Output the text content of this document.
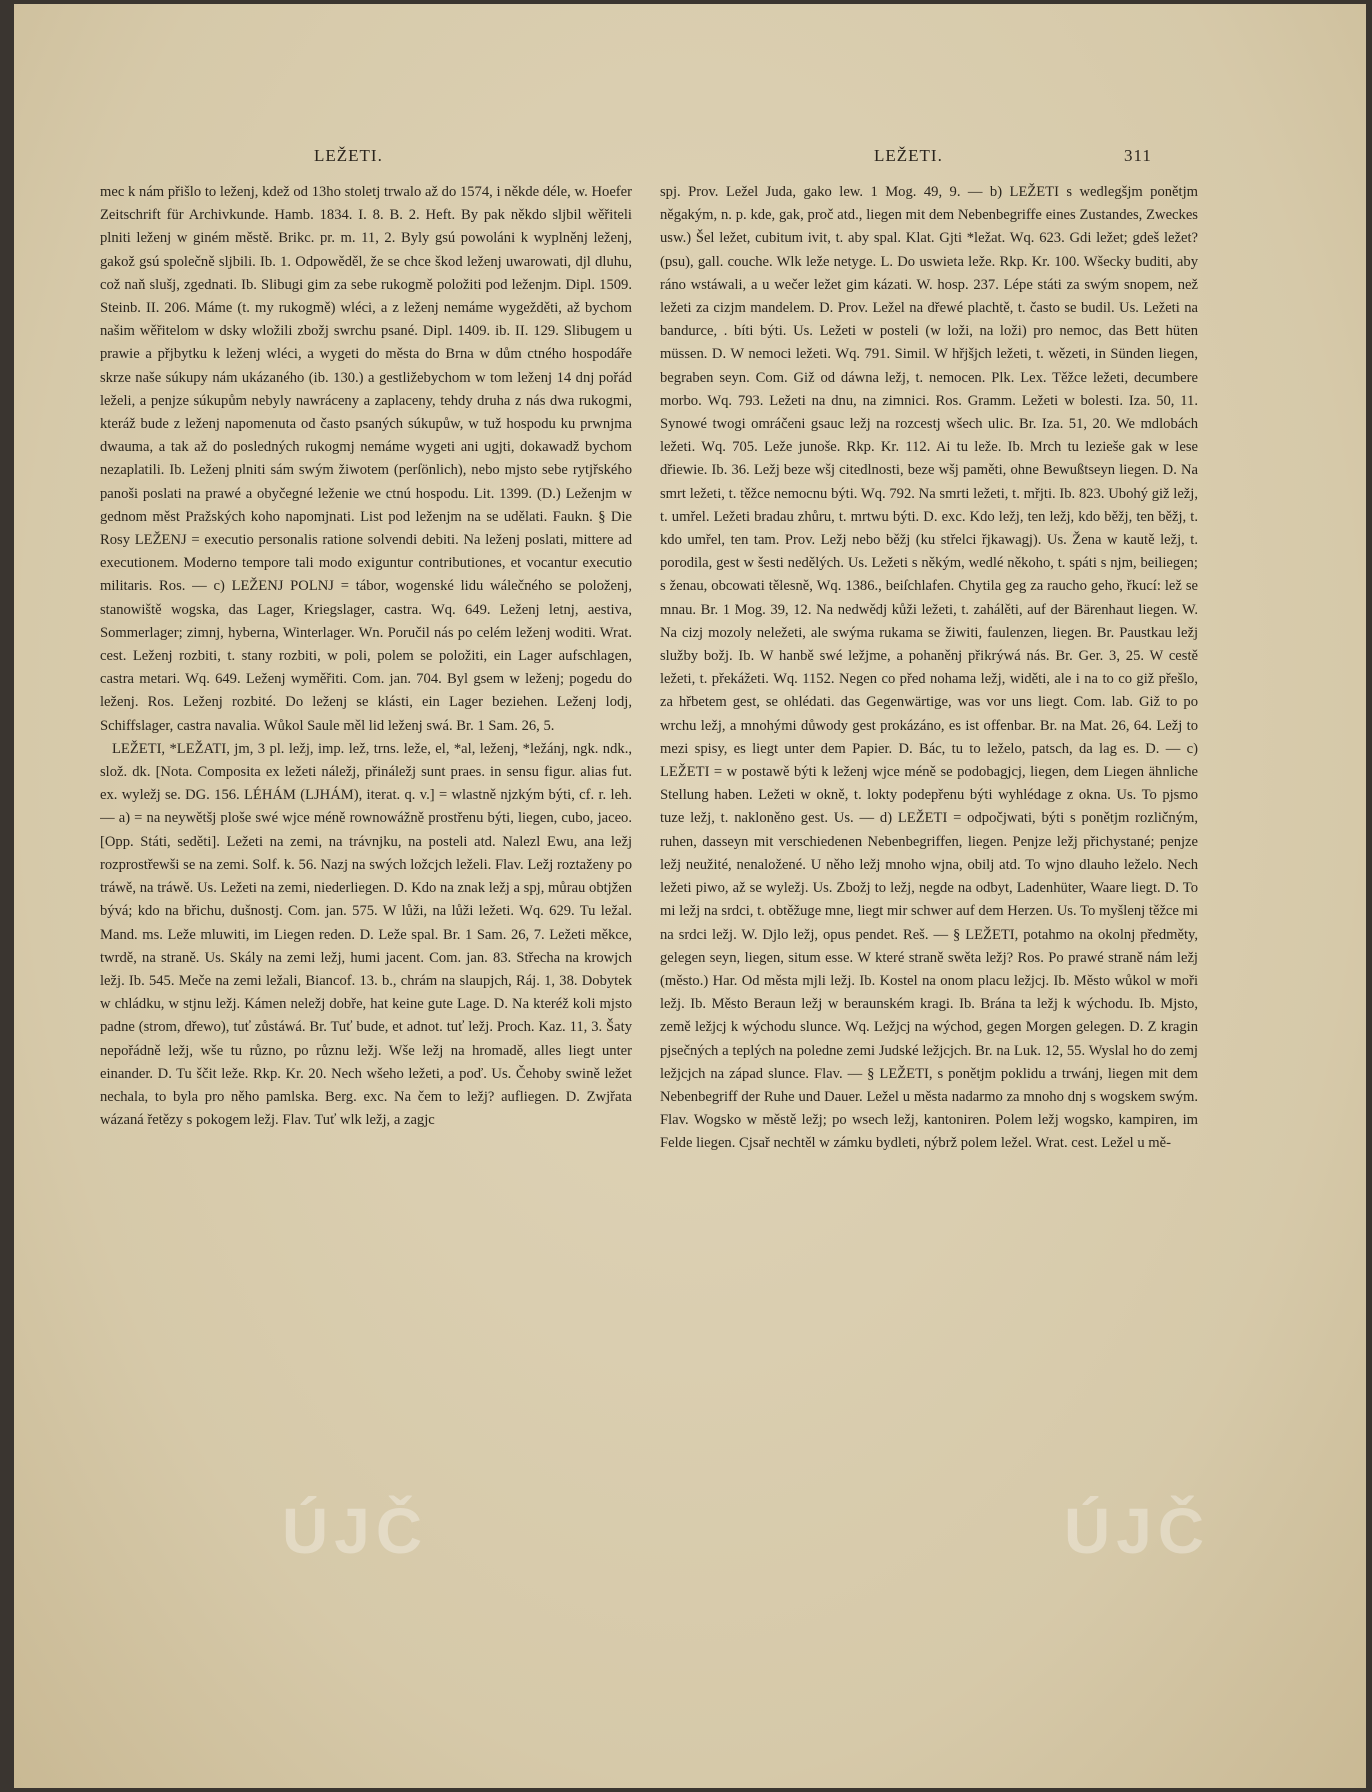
LEŽETI.	LEŽETI.	311

mec k nám přišlo to leženj, kdež od 13ho stoletj trwalo až do 1574, i někde déle, w. Hoefer Zeitschrift für Archivkunde. Hamb. 1834. I. 8. B. 2. Heft. By pak někdo sljbil wěřiteli plniti leženj w giném městě. Brikc. pr. m. 11, 2. Byly gsú powoláni k wyplněnj leženj, gakož gsú společně sljbili. Ib. 1. Odpowěděl, že se chce škod leženj uwarowati, djl dluhu, což naň slušj, zgednati. Ib. Slibugi gim za sebe rukogmě položiti pod leženjm. Dipl. 1509. Steinb. II. 206. Máme (t. my rukogmě) wléci, a z leženj nemáme wygežděti, až bychom našim wěřitelom w dsky wložili zbožj swrchu psané. Dipl. 1409. ib. II. 129. Slibugem u prawie a přjbytku k leženj wléci, a wygeti do města do Brna w dům ctného hospodáře skrze naše súkupy nám ukázaného (ib. 130.) a gestližebychom w tom leženj 14 dnj pořád leželi, a penjze súkupům nebyly nawráceny a zaplaceny, tehdy druha z nás dwa rukogmi, kteráž bude z leženj napomenuta od často psaných súkupůw, w tuž hospodu ku prwnjma dwauma, a tak až do posledných rukogmj nemáme wygeti ani ugjti, dokawadž bychom nezaplatili. Ib. Leženj plniti sám swým žiwotem (perſönlich), nebo mjsto sebe rytjřského panoši poslati na prawé a obyčegné leženie we ctnú hospodu. Lit. 1399. (D.) Leženjm w gednom měst Pražských koho napomjnati. List pod leženjm na se udělati. Faukn. § Die Rosy LEŽENJ = executio personalis ratione solvendi debiti. Na leženj poslati, mittere ad executionem. Moderno tempore tali modo exiguntur contributiones, et vocantur executio militaris. Ros. — c) LEŽENJ POLNJ = tábor, wogenské lidu wálečného se položenj, stanowiště wogska, das Lager, Kriegslager, castra. Wq. 649. Leženj letnj, aestiva, Sommerlager; zimnj, hyberna, Winterlager. Wn. Poručil nás po celém leženj woditi. Wrat. cest. Leženj rozbiti, t. stany rozbiti, w poli, polem se položiti, ein Lager aufschlagen, castra metari. Wq. 649. Leženj wyměřiti. Com. jan. 704. Byl gsem w leženj; pogedu do leženj. Ros. Leženj rozbité. Do leženj se klásti, ein Lager beziehen. Leženj lodj, Schiffslager, castra navalia. Wůkol Saule měl lid leženj swá. Br. 1 Sam. 26, 5.

LEŽETI, *LEŽATI, jm, 3 pl. ležj, imp. lež, trns. leže, el, *al, leženj, *ležánj, ngk. ndk., slož. dk. [Nota. Composita ex ležeti náležj, přináležj sunt praes. in sensu figur. alias fut. ex. wyležj se. DG. 156. LÉHÁM (LJHÁM), iterat. q. v.] = wlastně njzkým býti, cf. r. leh. — a) = na neywětšj ploše swé wjce méně rownowážně prostřenu býti, liegen, cubo, jaceo. [Opp. Státi, seděti]. Ležeti na zemi, na trávnjku, na posteli atd. Nalezl Ewu, ana ležj rozprostřewši se na zemi. Solf. k. 56. Nazj na swých ložcjch leželi. Flav. Ležj roztaženy po tráwě, na tráwě. Us. Ležeti na zemi, niederliegen. D. Kdo na znak ležj a spj, můrau obtjžen bývá; kdo na břichu, dušnostj. Com. jan. 575. W lůži, na lůži ležeti. Wq. 629. Tu ležal. Mand. ms. Leže mluwiti, im Liegen reden. D. Leže spal. Br. 1 Sam. 26, 7. Ležeti měkce, twrdě, na straně. Us. Skály na zemi ležj, humi jacent. Com. jan. 83. Střecha na krowjch ležj. Ib. 545. Meče na zemi ležali, Biancof. 13. b., chrám na slaupjch, Ráj. 1, 38. Dobytek w chládku, w stjnu ležj. Kámen neležj dobře, hat keine gute Lage. D. Na kteréž koli mjsto padne (strom, dřewo), tuť zůstáwá. Br. Tuť bude, et adnot. tuť ležj. Proch. Kaz. 11, 3. Šaty nepořádně ležj, wše tu různo, po různu ležj. Wše ležj na hromadě, alles liegt unter einander. D. Tu ščit leže. Rkp. Kr. 20. Nech wšeho ležeti, a poď. Us. Čehoby swině ležet nechala, to byla pro něho pamlska. Berg. exc. Na čem to ležj? aufliegen. D. Zwjřata wázaná řetězy s pokogem ležj. Flav. Tuť wlk ležj, a zagjc

spj. Prov. Ležel Juda, gako lew. 1 Mog. 49, 9. — b) LEŽETI s wedlegšjm ponětjm něgakým, n. p. kde, gak, proč atd., liegen mit dem Nebenbegriffe eines Zustandes, Zweckes usw.) Šel ležet, cubitum ivit, t. aby spal. Klat. Gjti *ležat. Wq. 623. Gdi ležet; gdeš ležet? (psu), gall. couche. Wlk leže netyge. L. Do uswieta leže. Rkp. Kr. 100. Wšecky buditi, aby ráno wstáwali, a u wečer ležet gim kázati. W. hosp. 237. Lépe státi za swým snopem, než ležeti za cizjm mandelem. D. Prov. Ležel na dřewé plachtě, t. často se budil. Us. Ležeti na bandurce, . bíti býti. Us. Ležeti w posteli (w loži, na loži) pro nemoc, das Bett hüten müssen. D. W nemoci ležeti. Wq. 791. Simil. W hřjšjch ležeti, t. wězeti, in Sünden liegen, begraben seyn. Com. Giž od dáwna ležj, t. nemocen. Plk. Lex. Těžce ležeti, decumbere morbo. Wq. 793. Ležeti na dnu, na zimnici. Ros. Gramm. Ležeti w bolesti. Iza. 50, 11. Synowé twogi omráčeni gsauc ležj na rozcestj wšech ulic. Br. Iza. 51, 20. We mdlobách ležeti. Wq. 705. Leže junoše. Rkp. Kr. 112. Ai tu leže. Ib. Mrch tu lezieše gak w lese dřiewie. Ib. 36. Ležj beze wšj citedlnosti, beze wšj paměti, ohne Bewußtseyn liegen. D. Na smrt ležeti, t. těžce nemocnu býti. Wq. 792. Na smrti ležeti, t. mřjti. Ib. 823. Ubohý giž ležj, t. umřel. Ležeti bradau zhůru, t. mrtwu býti. D. exc. Kdo ležj, ten ležj, kdo běžj, ten běžj, t. kdo umřel, ten tam. Prov. Ležj nebo běžj (ku střelci řjkawagj). Us. Žena w kautě ležj, t. porodila, gest w šesti nedělých. Us. Ležeti s někým, wedlé někoho, t. spáti s njm, beiliegen; s ženau, obcowati tělesně, Wq. 1386., beiſchlafen. Chytila geg za raucho geho, řkucí: lež se mnau. Br. 1 Mog. 39, 12. Na nedwědj kůži ležeti, t. zahálěti, auf der Bärenhaut liegen. W. Na cizj mozoly neležeti, ale swýma rukama se žiwiti, faulenzen, liegen. Br. Paustkau ležj služby božj. Ib. W hanbě swé ležjme, a pohaněnj přikrýwá nás. Br. Ger. 3, 25. W cestě ležeti, t. překážeti. Wq. 1152. Negen co před nohama ležj, widěti, ale i na to co giž přešlo, za hřbetem gest, se ohlédati. das Gegenwärtige, was vor uns liegt. Com. lab. Giž to po wrchu ležj, a mnohými důwody gest prokázáno, es ist offenbar. Br. na Mat. 26, 64. Ležj to mezi spisy, es liegt unter dem Papier. D. Bác, tu to leželo, patsch, da lag es. D. — c) LEŽETI = w postawě býti k leženj wjce méně se podobagjcj, liegen, dem Liegen ähnliche Stellung haben. Ležeti w okně, t. lokty podepřenu býti wyhlédage z okna. Us. To pjsmo tuze ležj, t. nakloněno gest. Us. — d) LEŽETI = odpočjwati, býti s ponětjm rozličným, ruhen, dasseyn mit verschiedenen Nebenbegriffen, liegen. Penjze ležj přichystané; penjze ležj neužité, nenaložené. U něho ležj mnoho wjna, obilj atd. To wjno dlauho leželo. Nech ležeti piwo, až se wyležj. Us. Zbožj to ležj, negde na odbyt, Ladenhüter, Waare liegt. D. To mi ležj na srdci, t. obtěžuge mne, liegt mir schwer auf dem Herzen. Us. To myšlenj těžce mi na srdci ležj. W. Djlo ležj, opus pendet. Reš. — § LEŽETI, potahmo na okolnj předměty, gelegen seyn, liegen, situm esse. W které straně swěta ležj? Ros. Po prawé straně nám ležj (město.) Har. Od města mjli ležj. Ib. Kostel na onom placu ležjcj. Ib. Město wůkol w moři ležj. Ib. Město Beraun ležj w beraunském kragi. Ib. Brána ta ležj k wýchodu. Ib. Mjsto, země ležjcj k wýchodu slunce. Wq. Ležjcj na wýchod, gegen Morgen gelegen. D. Z kragin pjsečných a teplých na poledne zemi Judské ležjcjch. Br. na Luk. 12, 55. Wyslal ho do zemj ležjcjch na západ slunce. Flav. — § LEŽETI, s ponětjm poklidu a trwánj, liegen mit dem Nebenbegriff der Ruhe und Dauer. Ležel u města nadarmo za mnoho dnj s wogskem swým. Flav. Wogsko w městě ležj; po wsech ležj, kantoniren. Polem ležj wogsko, kampiren, im Felde liegen. Cjsař nechtěl w zámku bydleti, nýbrž polem ležel. Wrat. cest. Ležel u mě-

ÚJČ	ÚJČ
